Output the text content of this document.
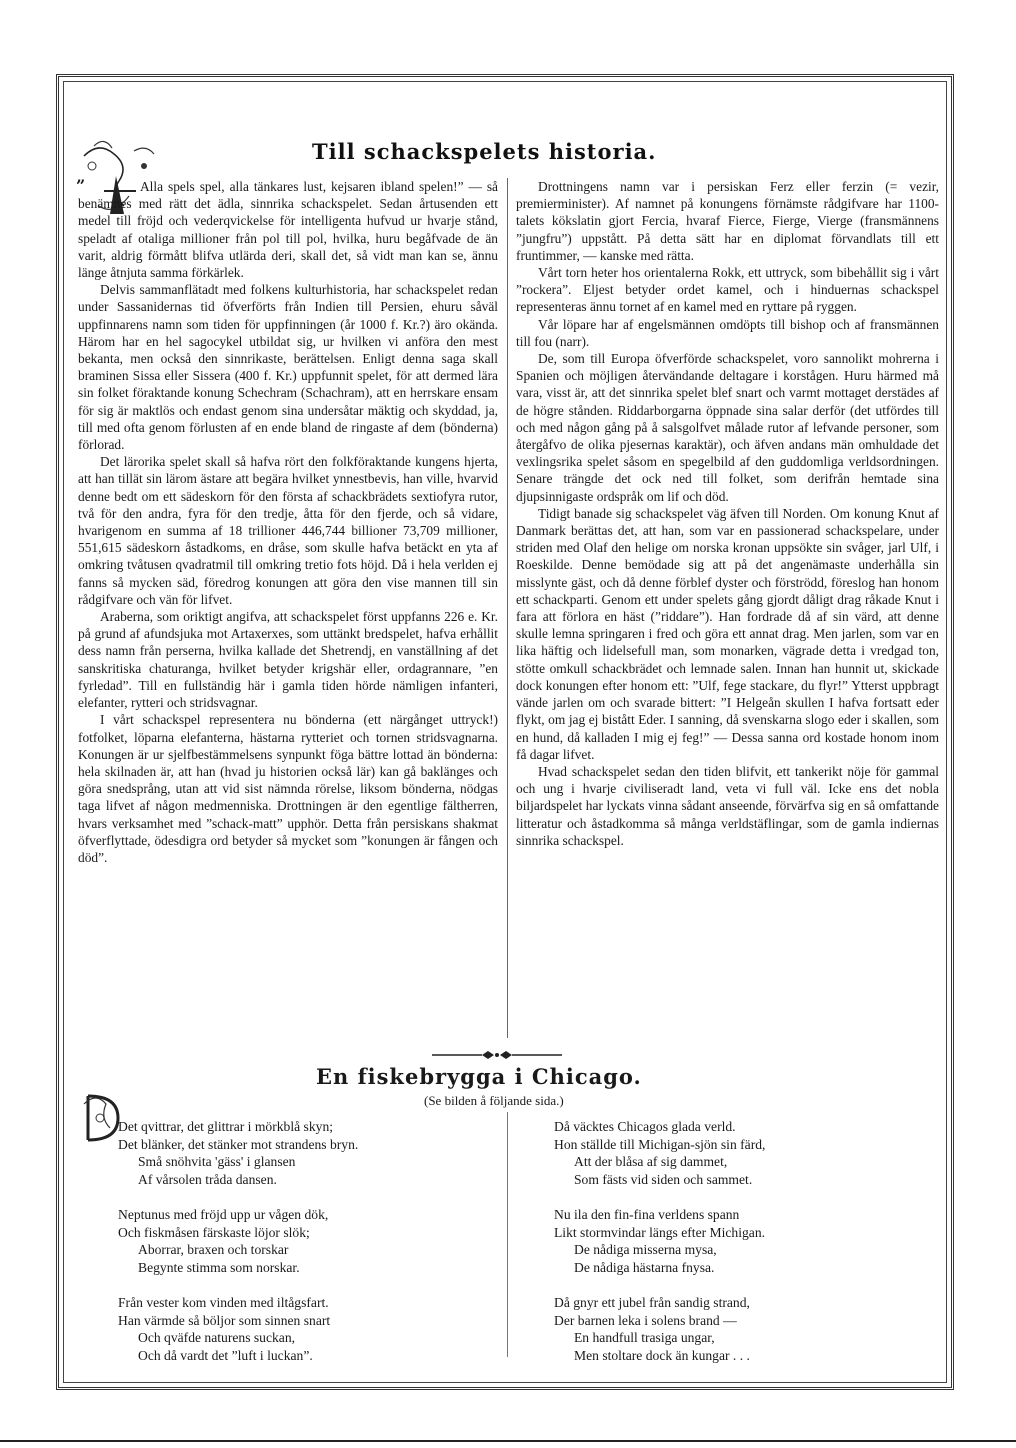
”
Till schackspelets historia.

Alla spels spel, alla tänkares lust, kejsaren ibland spelen!” — så benämnes med rätt det ädla, sinnrika schackspelet. Sedan årtusenden ett medel till fröjd och vederqvickelse för intelligenta hufvud ur hvarje stånd, speladt af otaliga millioner från pol till pol, hvilka, huru begåfvade de än varit, aldrig förmått blifva utlärda deri, skall det, så vidt man kan se, ännu länge åtnjuta samma förkärlek.

Delvis sammanflätadt med folkens kulturhistoria, har schackspelet redan under Sassanidernas tid öfverförts från Indien till Persien, ehuru såväl uppfinnarens namn som tiden för uppfinningen (år 1000 f. Kr.?) äro okända. Härom har en hel sagocykel utbildat sig, ur hvilken vi anföra den mest bekanta, men också den sinnrikaste, berättelsen. Enligt denna saga skall braminen Sissa eller Sissera (400 f. Kr.) uppfunnit spelet, för att dermed lära sin folket föraktande konung Schechram (Schachram), att en herrskare ensam för sig är maktlös och endast genom sina undersåtar mäktig och skyddad, ja, till med ofta genom förlusten af en ende bland de ringaste af dem (bönderna) förlorad.

Det lärorika spelet skall så hafva rört den folkföraktande kungens hjerta, att han tillät sin lärom ästare att begära hvilket ynnestbevis, han ville, hvarvid denne bedt om ett sädeskorn för den första af schackbrädets sextiofyra rutor, två för den andra, fyra för den tredje, åtta för den fjerde, och så vidare, hvarigenom en summa af 18 trillioner 446,744 billioner 73,709 millioner, 551,615 sädeskorn åstadkoms, en dråse, som skulle hafva betäckt en yta af omkring tvåtusen qvadratmil till omkring tretio fots höjd. Då i hela verlden ej fanns så mycken säd, föredrog konungen att göra den vise mannen till sin rådgifvare och vän för lifvet.

Araberna, som oriktigt angifva, att schackspelet först uppfanns 226 e. Kr. på grund af afundsjuka mot Artaxerxes, som uttänkt bredspelet, hafva erhållit dess namn från perserna, hvilka kallade det Shetrendj, en vanställning af det sanskritiska chaturanga, hvilket betyder krigshär eller, ordagrannare, ”en fyrledad”. Till en fullständig här i gamla tiden hörde nämligen infanteri, elefanter, rytteri och stridsvagnar.

I vårt schackspel representera nu bönderna (ett närgånget uttryck!) fotfolket, löparna elefanterna, hästarna rytteriet och tornen stridsvagnarna. Konungen är ur sjelfbestämmelsens synpunkt föga bättre lottad än bönderna: hela skilnaden är, att han (hvad ju historien också lär) kan gå baklänges och göra snedsprång, utan att vid sist nämnda rörelse, liksom bönderna, nödgas taga lifvet af någon medmenniska. Drottningen är den egentlige fältherren, hvars verksamhet med ”schack-matt” upphör. Detta från persiskans shakmat öfverflyttade, ödesdigra ord betyder så mycket som ”konungen är fången och död”.

Drottningens namn var i persiskan Ferz eller ferzin (= vezir, premierminister). Af namnet på konungens förnämste rådgifvare har 1100-talets kökslatin gjort Fercia, hvaraf Fierce, Fierge, Vierge (fransmännens ”jungfru”) uppstått. På detta sätt har en diplomat förvandlats till ett fruntimmer, — kanske med rätta.

Vårt torn heter hos orientalerna Rokk, ett uttryck, som bibehållit sig i vårt ”rockera”. Eljest betyder ordet kamel, och i hinduernas schackspel representeras ännu tornet af en kamel med en ryttare på ryggen.

Vår löpare har af engelsmännen omdöpts till bishop och af fransmännen till fou (narr).

De, som till Europa öfverförde schackspelet, voro sannolikt mohrerna i Spanien och möjligen återvändande deltagare i korstågen. Huru härmed må vara, visst är, att det sinnrika spelet blef snart och varmt mottaget derstädes af de högre stånden. Riddarborgarna öppnade sina salar derför (det utfördes till och med någon gång på å salsgolfvet målade rutor af lefvande personer, som återgåfvo de olika pjesernas karaktär), och äfven andans män omhuldade det vexlingsrika spelet såsom en spegelbild af den guddomliga verldsordningen. Senare trängde det ock ned till folket, som derifrån hemtade sina djupsinnigaste ordspråk om lif och död.

Tidigt banade sig schackspelet väg äfven till Norden. Om konung Knut af Danmark berättas det, att han, som var en passionerad schackspelare, under striden med Olaf den helige om norska kronan uppsökte sin svåger, jarl Ulf, i Roeskilde. Denne bemödade sig att på det angenämaste underhålla sin misslynte gäst, och då denne förblef dyster och förströdd, föreslog han honom ett schackparti. Genom ett under spelets gång gjordt dåligt drag råkade Knut i fara att förlora en häst (”riddare”). Han fordrade då af sin värd, att denne skulle lemna springaren i fred och göra ett annat drag. Men jarlen, som var en lika häftig och lidelsefull man, som monarken, vägrade detta i vredgad ton, stötte omkull schackbrädet och lemnade salen. Innan han hunnit ut, skickade dock konungen efter honom ett: ”Ulf, fege stackare, du flyr!” Ytterst uppbragt vände jarlen om och svarade bittert: ”I Helgeån skullen I hafva fortsatt eder flykt, om jag ej bistått Eder. I sanning, då svenskarna slogo eder i skallen, som en hund, då kalladen I mig ej feg!” — Dessa sanna ord kostade honom inom få dagar lifvet.

Hvad schackspelet sedan den tiden blifvit, ett tankerikt nöje för gammal och ung i hvarje civiliseradt land, veta vi full väl. Icke ens det nobla biljardspelet har lyckats vinna sådant anseende, förvärfva sig en så omfattande litteratur och åstadkomma så många verldstäflingar, som de gamla indiernas sinnrika schackspel.

En fiskebrygga i Chicago.
(Se bilden å följande sida.)
Det qvittrar, det glittrar i mörkblå skyn;
Det blänker, det stänker mot strandens bryn.
Små snöhvita 'gäss' i glansen
Af vårsolen tråda dansen.
Neptunus med fröjd upp ur vågen dök,
Och fiskmåsen färskaste löjor slök;
Aborrar, braxen och torskar
Begynte stimma som norskar.
Från vester kom vinden med iltågsfart.
Han värmde så böljor som sinnen snart
Och qväfde naturens suckan,
Och då vardt det ”luft i luckan”.
Då väcktes Chicagos glada verld.
Hon ställde till Michigan-sjön sin färd,
Att der blåsa af sig dammet,
Som fästs vid siden och sammet.
Nu ila den fin-fina verldens spann
Likt stormvindar längs efter Michigan.
De nådiga misserna mysa,
De nådiga hästarna fnysa.
Då gnyr ett jubel från sandig strand,
Der barnen leka i solens brand —
En handfull trasiga ungar,
Men stoltare dock än kungar . . .
